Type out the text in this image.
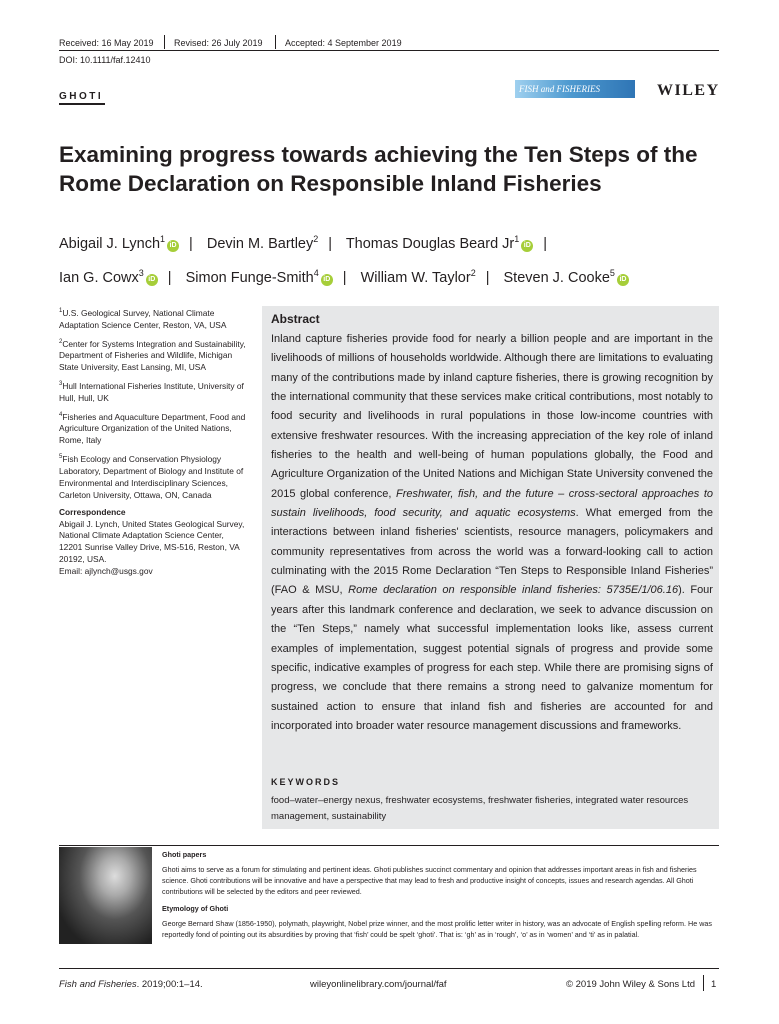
Received: 16 May 2019 Revised: 26 July 2019 Accepted: 4 September 2019
DOI: 10.1111/faf.12410
GHOTI
FISH and FISHERIES	WILEY
Examining progress towards achieving the Ten Steps of the Rome Declaration on Responsible Inland Fisheries
Abigail J. Lynch$^1$iD | Devin M. Bartley$^2$ | Thomas Douglas Beard Jr$^1$iD |
Ian G. Cowx$^3$iD | Simon Funge-Smith$^4$iD | William W. Taylor$^2$ | Steven J. Cooke$^5$iD

$^1$U.S. Geological Survey, National Climate Adaptation Science Center, Reston, VA, USA

$^2$Center for Systems Integration and Sustainability, Department of Fisheries and Wildlife, Michigan State University, East Lansing, MI, USA

$^3$Hull International Fisheries Institute, University of Hull, Hull, UK

$^4$Fisheries and Aquaculture Department, Food and Agriculture Organization of the United Nations, Rome, Italy

$^5$Fish Ecology and Conservation Physiology Laboratory, Department of Biology and Institute of Environmental and Interdisciplinary Sciences, Carleton University, Ottawa, ON, Canada

Correspondence
Abigail J. Lynch, United States Geological Survey, National Climate Adaptation Science Center, 12201 Sunrise Valley Drive, MS-516, Reston, VA 20192, USA.
Email: ajlynch@usgs.gov
Abstract
Inland capture fisheries provide food for nearly a billion people and are important in the livelihoods of millions of households worldwide. Although there are limitations to evaluating many of the contributions made by inland capture fisheries, there is growing recognition by the international community that these services make critical contributions, most notably to food security and livelihoods in rural populations in those low-income countries with extensive freshwater resources. With the increasing appreciation of the key role of inland fisheries to the health and well-being of human populations globally, the Food and Agriculture Organization of the United Nations and Michigan State University convened the 2015 global conference, Freshwater, fish, and the future – cross-sectoral approaches to sustain livelihoods, food security, and aquatic ecosystems. What emerged from the interactions between inland fisheries' scientists, resource managers, policymakers and community representatives from across the world was a forward-looking call to action culminating with the 2015 Rome Declaration “Ten Steps to Responsible Inland Fisheries” (FAO & MSU, Rome declaration on responsible inland fisheries: 5735E/1/06.16). Four years after this landmark conference and declaration, we seek to advance discussion on the “Ten Steps,” namely what successful implementation looks like, assess current examples of implementation, suggest potential signals of progress and provide some specific, indicative examples of progress for each step. While there are promising signs of progress, we conclude that there remains a strong need to galvanize momentum for sustained action to ensure that inland fish and fisheries are accounted for and incorporated into broader water resource management discussions and frameworks.
KEYWORDS
food–water–energy nexus, freshwater ecosystems, freshwater fisheries, integrated water resources management, sustainability
Ghoti papers

Ghoti aims to serve as a forum for stimulating and pertinent ideas. Ghoti publishes succinct commentary and opinion that addresses important areas in fish and fisheries science. Ghoti contributions will be innovative and have a perspective that may lead to fresh and productive insight of concepts, issues and research agendas. All Ghoti contributions will be selected by the editors and peer reviewed.

Etymology of Ghoti

George Bernard Shaw (1856-1950), polymath, playwright, Nobel prize winner, and the most prolific letter writer in history, was an advocate of English spelling reform. He was reportedly fond of pointing out its absurdities by proving that ‘fish’ could be spelt ‘ghoti’. That is: ‘gh’ as in ‘rough’, ‘o’ as in ‘women’ and ‘ti’ as in palatial.

Fish and Fisheries. 2019;00:1–14.	wileyonlinelibrary.com/journal/faf	© 2019 John Wiley & Sons Ltd 1
